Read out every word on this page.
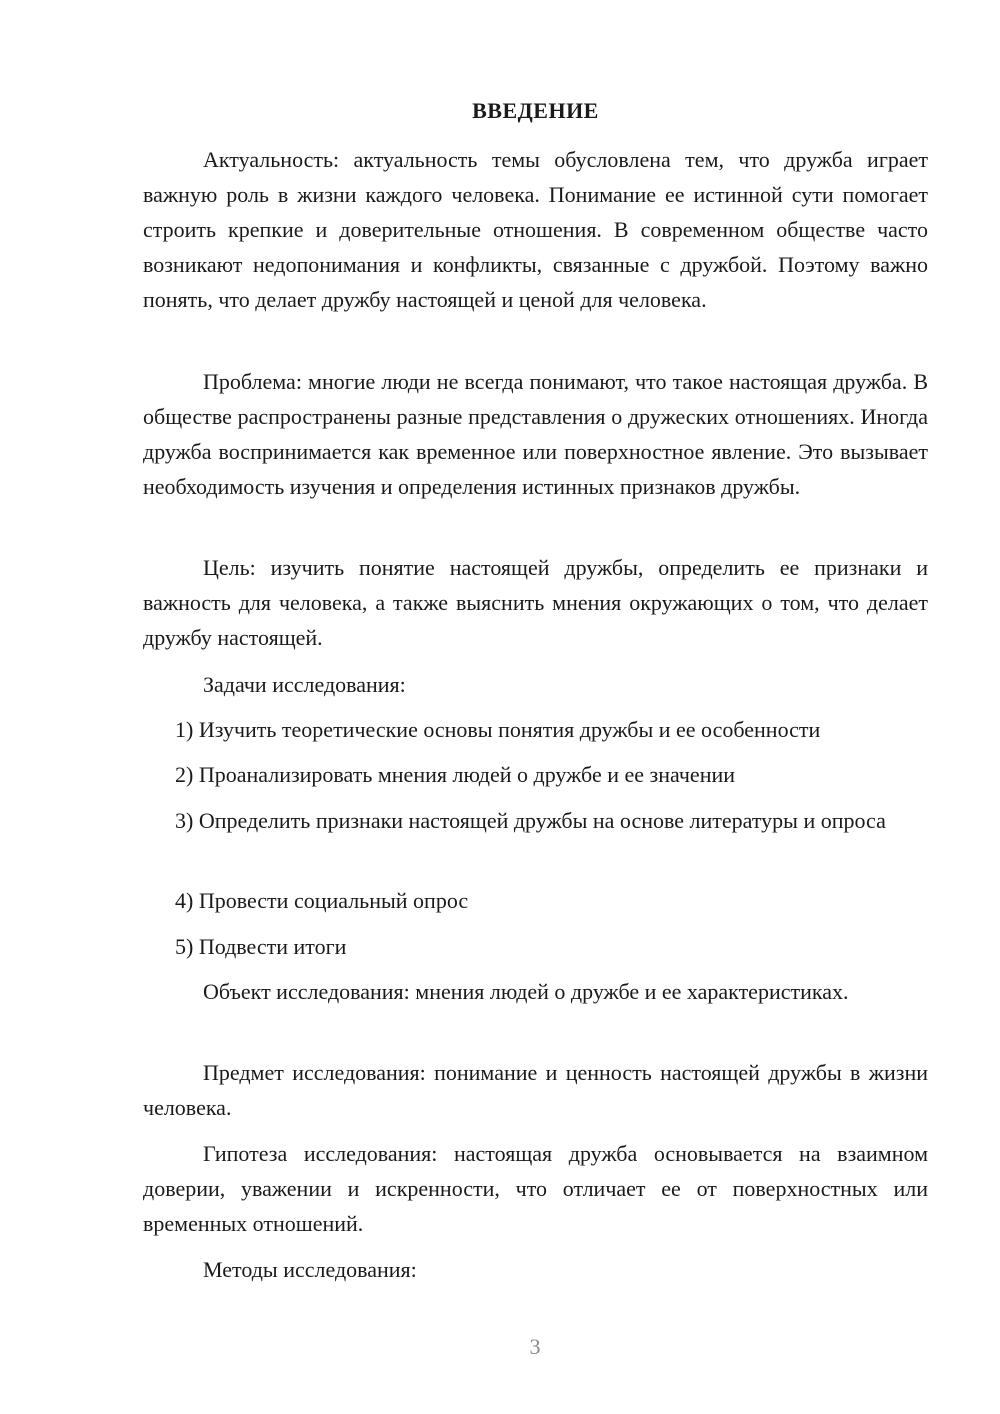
ВВЕДЕНИЕ

Актуальность: актуальность темы обусловлена тем, что дружба играет важную роль в жизни каждого человека. Понимание ее истинной сути помогает строить крепкие и доверительные отношения. В современном обществе часто возникают недопонимания и конфликты, связанные с дружбой. Поэтому важно понять, что делает дружбу настоящей и ценой для человека.

Проблема: многие люди не всегда понимают, что такое настоящая дружба. В обществе распространены разные представления о дружеских отношениях. Иногда дружба воспринимается как временное или поверхностное явление. Это вызывает необходимость изучения и определения истинных признаков дружбы.

Цель: изучить понятие настоящей дружбы, определить ее признаки и важность для человека, а также выяснить мнения окружающих о том, что делает дружбу настоящей.

Задачи исследования:

1) Изучить теоретические основы понятия дружбы и ее особенности

2) Проанализировать мнения людей о дружбе и ее значении

3) Определить признаки настоящей дружбы на основе литературы и опроса

4) Провести социальный опрос

5) Подвести итоги

Объект исследования: мнения людей о дружбе и ее характеристиках.

Предмет исследования: понимание и ценность настоящей дружбы в жизни человека.

Гипотеза исследования: настоящая дружба основывается на взаимном доверии, уважении и искренности, что отличает ее от поверхностных или временных отношений.

Методы исследования:

3
